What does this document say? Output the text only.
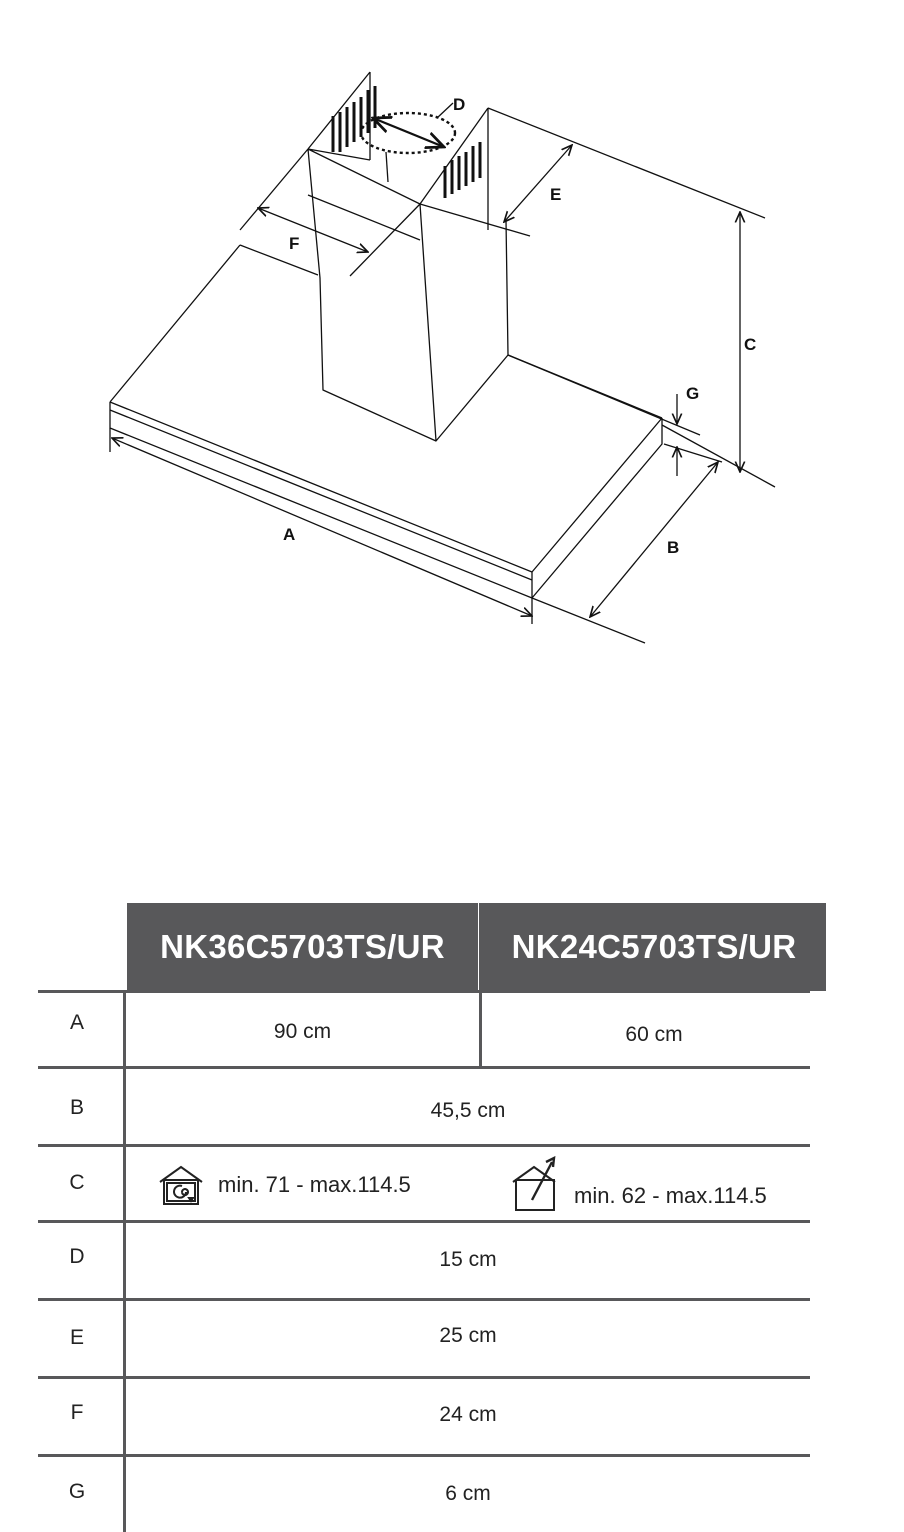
A
B
C
D
E
F
G
NK36C5703TS/UR	NK24C5703TS/UR
A	90 cm	60 cm
B	45,5 cm
C	min. 71 - max.114.5	min. 62 - max.114.5
D	15 cm
E	25 cm
F	24 cm
G	6 cm
